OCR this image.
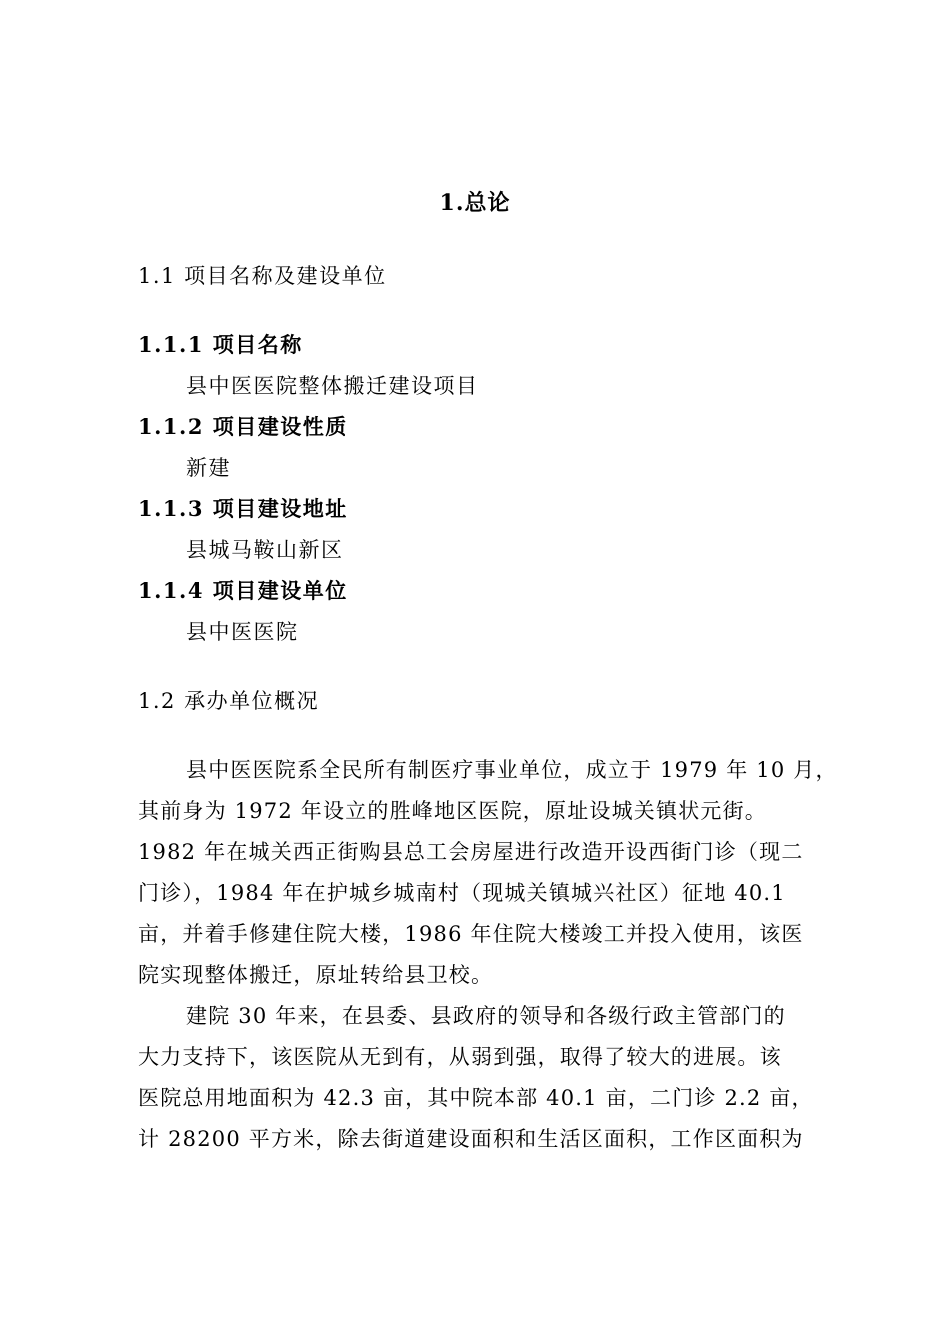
1.总论
1.1 项目名称及建设单位
1.1.1 项目名称
县中医医院整体搬迁建设项目
1.1.2 项目建设性质
新建
1.1.3 项目建设地址
县城马鞍山新区
1.1.4 项目建设单位
县中医医院
1.2 承办单位概况
县中医医院系全民所有制医疗事业单位，成立于 1979 年 10 月，
其前身为 1972 年设立的胜峰地区医院，原址设城关镇状元街。
1982 年在城关西正街购县总工会房屋进行改造开设西街门诊（现二
门诊），1984 年在护城乡城南村（现城关镇城兴社区）征地 40.1
亩，并着手修建住院大楼，1986 年住院大楼竣工并投入使用，该医
院实现整体搬迁，原址转给县卫校。
建院 30 年来，在县委、县政府的领导和各级行政主管部门的
大力支持下，该医院从无到有，从弱到强，取得了较大的进展。该
医院总用地面积为 42.3 亩，其中院本部 40.1 亩，二门诊 2.2 亩，
计 28200 平方米，除去街道建设面积和生活区面积，工作区面积为
